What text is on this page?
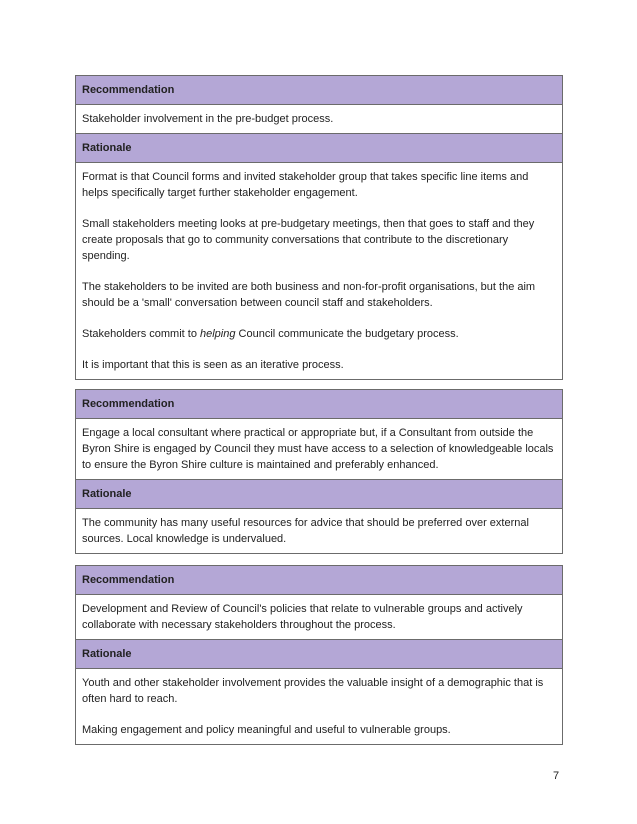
Recommendation
Stakeholder involvement in the pre-budget process.
Rationale

Format is that Council forms and invited stakeholder group that takes specific line items and helps specifically target further stakeholder engagement.

Small stakeholders meeting looks at pre-budgetary meetings, then that goes to staff and they create proposals that go to community conversations that contribute to the discretionary spending.

The stakeholders to be invited are both business and non-for-profit organisations, but the aim should be a 'small' conversation between council staff and stakeholders.

Stakeholders commit to helping Council communicate the budgetary process.

It is important that this is seen as an iterative process.

Recommendation
Engage a local consultant where practical or appropriate but, if a Consultant from outside the Byron Shire is engaged by Council they must have access to a selection of knowledgeable locals to ensure the Byron Shire culture is maintained and preferably enhanced.
Rationale

The community has many useful resources for advice that should be preferred over external sources. Local knowledge is undervalued.

Recommendation
Development and Review of Council's policies that relate to vulnerable groups and actively collaborate with necessary stakeholders throughout the process.
Rationale

Youth and other stakeholder involvement provides the valuable insight of a demographic that is often hard to reach.

Making engagement and policy meaningful and useful to vulnerable groups.

7
